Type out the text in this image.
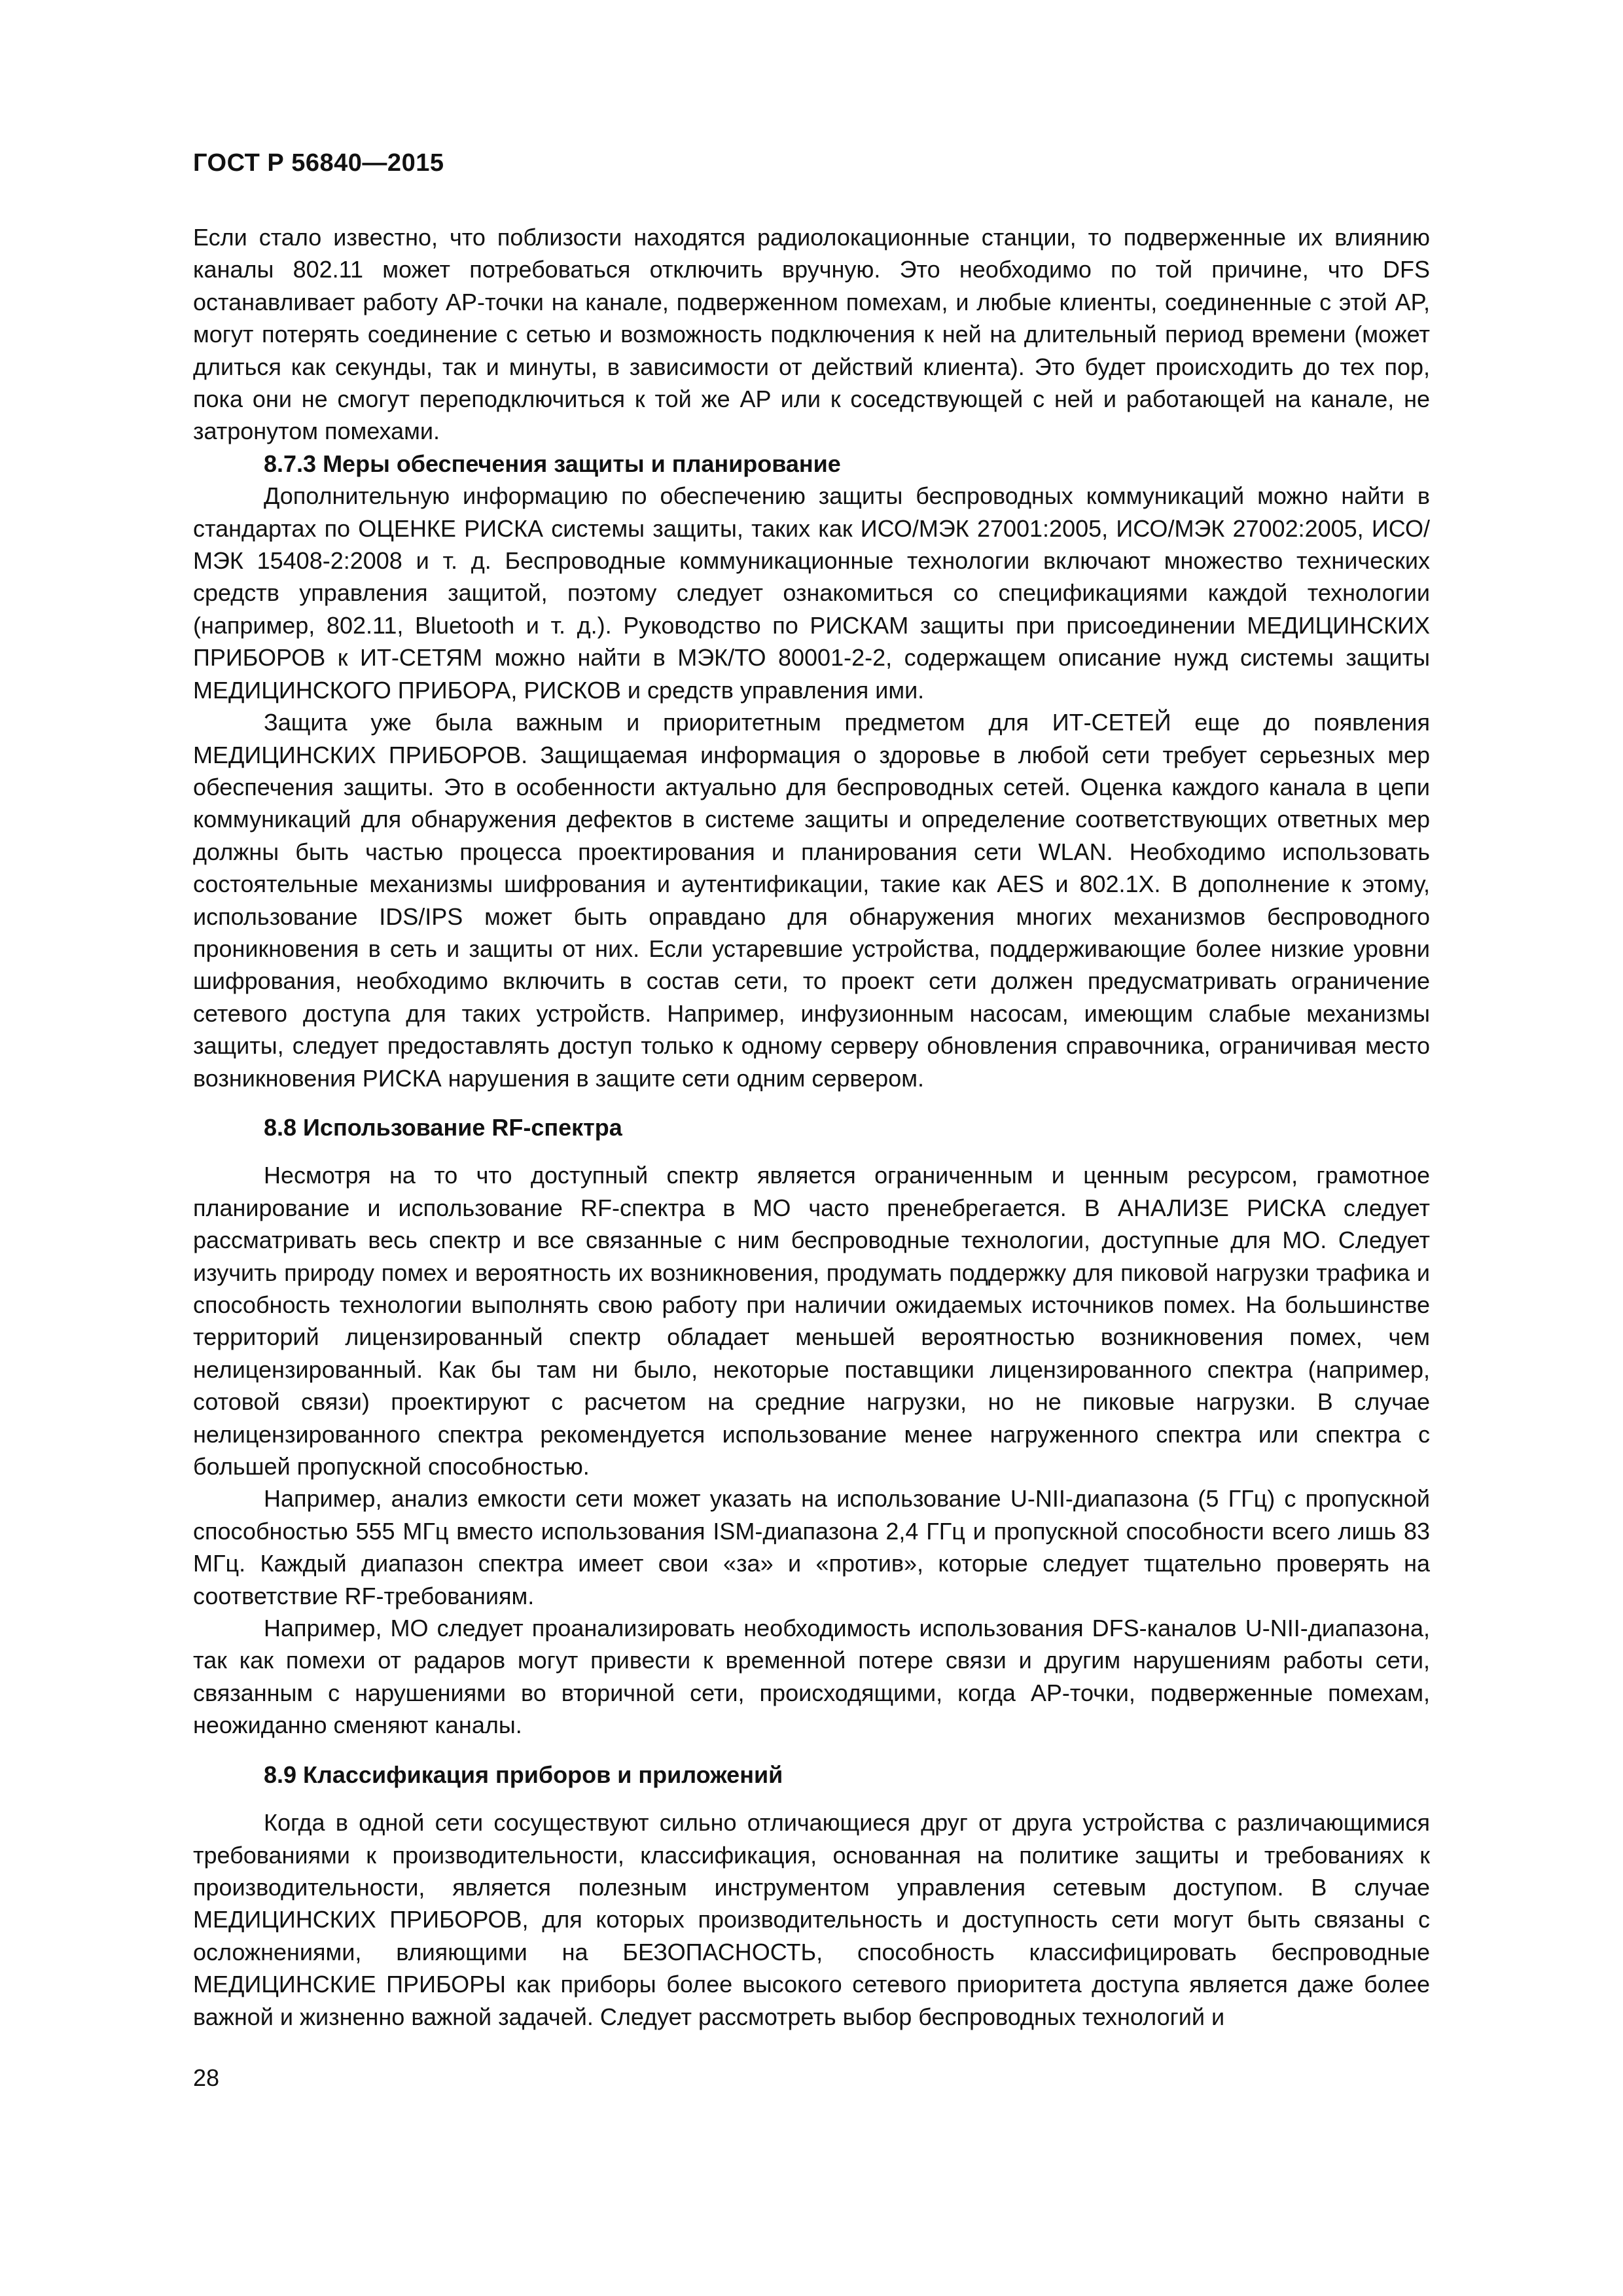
ГОСТ Р 56840—2015

Если стало известно, что поблизости находятся радиолокационные станции, то подверженные их влиянию каналы 802.11 может потребоваться отключить вручную. Это необходимо по той причине, что DFS останавливает работу AP-точки на канале, подверженном помехам, и любые клиенты, соединенные с этой AP, могут потерять соединение с сетью и возможность подключения к ней на длительный период времени (может длиться как секунды, так и минуты, в зависимости от действий клиента). Это будет происходить до тех пор, пока они не смогут переподключиться к той же AP или к соседствующей с ней и работающей на канале, не затронутом помехами.

8.7.3 Меры обеспечения защиты и планирование

Дополнительную информацию по обеспечению защиты беспроводных коммуникаций можно найти в стандартах по ОЦЕНКЕ РИСКА системы защиты, таких как ИСО/МЭК 27001:2005, ИСО/МЭК 27002:2005, ИСО/МЭК 15408-2:2008 и т. д. Беспроводные коммуникационные технологии включают множество технических средств управления защитой, поэтому следует ознакомиться со спецификациями каждой технологии (например, 802.11, Bluetooth и т. д.). Руководство по РИСКАМ защиты при присоединении МЕДИЦИНСКИХ ПРИБОРОВ к ИТ-СЕТЯМ можно найти в МЭК/ТО 80001-2-2, содержащем описание нужд системы защиты МЕДИЦИНСКОГО ПРИБОРА, РИСКОВ и средств управления ими.

Защита уже была важным и приоритетным предметом для ИТ-СЕТЕЙ еще до появления МЕДИЦИНСКИХ ПРИБОРОВ. Защищаемая информация о здоровье в любой сети требует серьезных мер обеспечения защиты. Это в особенности актуально для беспроводных сетей. Оценка каждого канала в цепи коммуникаций для обнаружения дефектов в системе защиты и определение соответствующих ответных мер должны быть частью процесса проектирования и планирования сети WLAN. Необходимо использовать состоятельные механизмы шифрования и аутентификации, такие как AES и 802.1X. В дополнение к этому, использование IDS/IPS может быть оправдано для обнаружения многих механизмов беспроводного проникновения в сеть и защиты от них. Если устаревшие устройства, поддерживающие более низкие уровни шифрования, необходимо включить в состав сети, то проект сети должен предусматривать ограничение сетевого доступа для таких устройств. Например, инфузионным насосам, имеющим слабые механизмы защиты, следует предоставлять доступ только к одному серверу обновления справочника, ограничивая место возникновения РИСКА нарушения в защите сети одним сервером.

8.8 Использование RF-спектра

Несмотря на то что доступный спектр является ограниченным и ценным ресурсом, грамотное планирование и использование RF-спектра в МО часто пренебрегается. В АНАЛИЗЕ РИСКА следует рассматривать весь спектр и все связанные с ним беспроводные технологии, доступные для МО. Следует изучить природу помех и вероятность их возникновения, продумать поддержку для пиковой нагрузки трафика и способность технологии выполнять свою работу при наличии ожидаемых источников помех. На большинстве территорий лицензированный спектр обладает меньшей вероятностью возникновения помех, чем нелицензированный. Как бы там ни было, некоторые поставщики лицензированного спектра (например, сотовой связи) проектируют с расчетом на средние нагрузки, но не пиковые нагрузки. В случае нелицензированного спектра рекомендуется использование менее нагруженного спектра или спектра с большей пропускной способностью.

Например, анализ емкости сети может указать на использование U-NII-диапазона (5 ГГц) с пропускной способностью 555 МГц вместо использования ISM-диапазона 2,4 ГГц и пропускной способности всего лишь 83 МГц. Каждый диапазон спектра имеет свои «за» и «против», которые следует тщательно проверять на соответствие RF-требованиям.

Например, МО следует проанализировать необходимость использования DFS-каналов U-NII-диапазона, так как помехи от радаров могут привести к временной потере связи и другим нарушениям работы сети, связанным с нарушениями во вторичной сети, происходящими, когда AP-точки, подверженные помехам, неожиданно сменяют каналы.

8.9 Классификация приборов и приложений

Когда в одной сети сосуществуют сильно отличающиеся друг от друга устройства с различающимися требованиями к производительности, классификация, основанная на политике защиты и требованиях к производительности, является полезным инструментом управления сетевым доступом. В случае МЕДИЦИНСКИХ ПРИБОРОВ, для которых производительность и доступность сети могут быть связаны с осложнениями, влияющими на БЕЗОПАСНОСТЬ, способность классифицировать беспроводные МЕДИЦИНСКИЕ ПРИБОРЫ как приборы более высокого сетевого приоритета доступа является даже более важной и жизненно важной задачей. Следует рассмотреть выбор беспроводных технологий и

28
